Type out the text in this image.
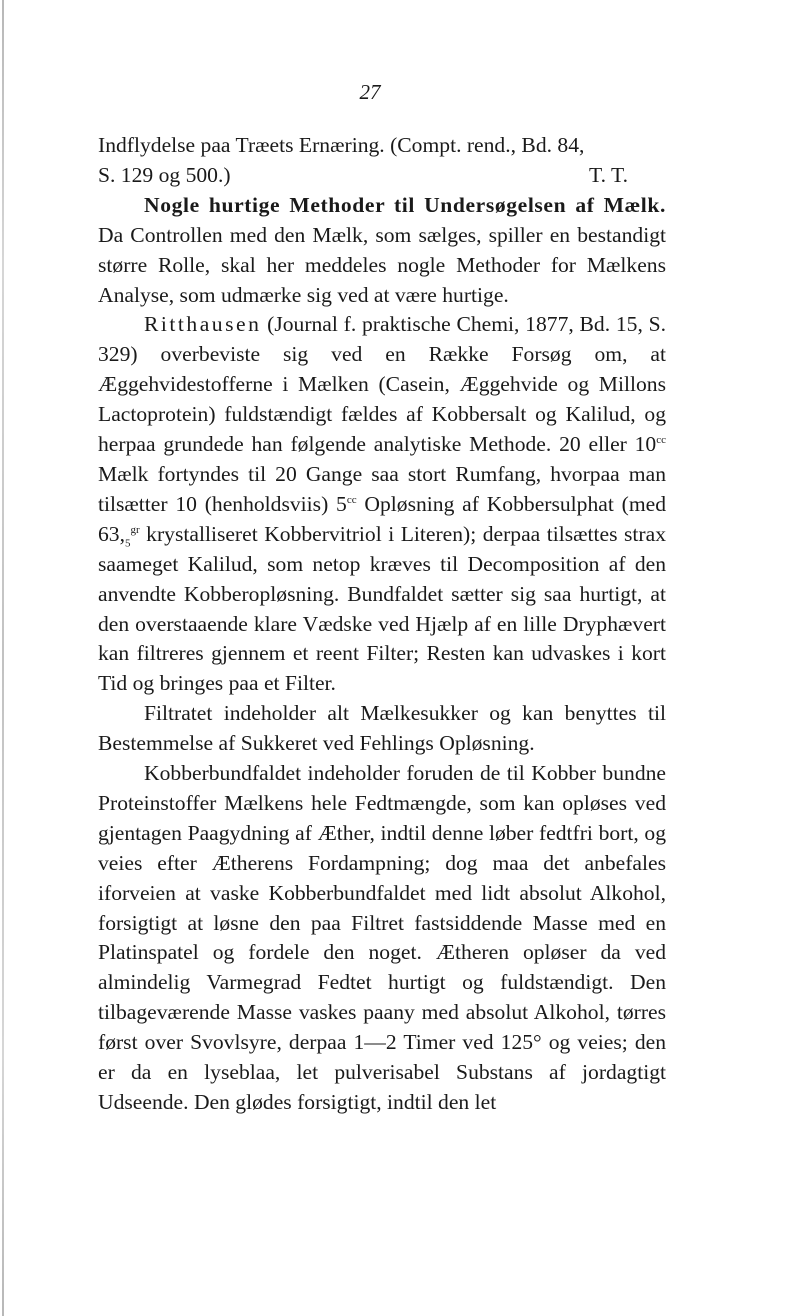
27

Indflydelse paa Træets Ernæring. (Compt. rend., Bd. 84,

S. 129 og 500.)	T. T.

Nogle hurtige Methoder til Undersøgelsen af Mælk. Da Controllen med den Mælk, som sælges, spiller en bestandigt større Rolle, skal her meddeles nogle Methoder for Mælkens Analyse, som udmærke sig ved at være hurtige.

Ritthausen (Journal f. praktische Chemi, 1877, Bd. 15, S. 329) overbeviste sig ved en Række Forsøg om, at Æggehvidestofferne i Mælken (Casein, Æggehvide og Millons Lactoprotein) fuldstændigt fældes af Kobbersalt og Kalilud, og herpaa grundede han følgende analytiske Methode. 20 eller $10^{cc}$ Mælk fortyndes til 20 Gange saa stort Rumfang, hvorpaa man tilsætter 10 (henholdsviis) $5^{cc}$ Opløsning af Kobbersulphat (med $63,_5^{gr}$ krystalliseret Kobbervitriol i Literen); derpaa tilsættes strax saameget Kalilud, som netop kræves til Decomposition af den anvendte Kobberopløsning. Bundfaldet sætter sig saa hurtigt, at den overstaaende klare Vædske ved Hjælp af en lille Dryphævert kan filtreres gjennem et reent Filter; Resten kan udvaskes i kort Tid og bringes paa et Filter.

Filtratet indeholder alt Mælkesukker og kan benyttes til Bestemmelse af Sukkeret ved Fehlings Opløsning.

Kobberbundfaldet indeholder foruden de til Kobber bundne Proteinstoffer Mælkens hele Fedtmængde, som kan opløses ved gjentagen Paagydning af Æther, indtil denne løber fedtfri bort, og veies efter Ætherens Fordampning; dog maa det anbefales iforveien at vaske Kobberbundfaldet med lidt absolut Alkohol, forsigtigt at løsne den paa Filtret fastsiddende Masse med en Platinspatel og fordele den noget. Ætheren opløser da ved almindelig Varmegrad Fedtet hurtigt og fuldstændigt. Den tilbageværende Masse vaskes paany med absolut Alkohol, tørres først over Svovlsyre, derpaa 1—2 Timer ved 125° og veies; den er da en lyseblaa, let pulverisabel Substans af jordagtigt Udseende. Den glødes forsigtigt, indtil den let
